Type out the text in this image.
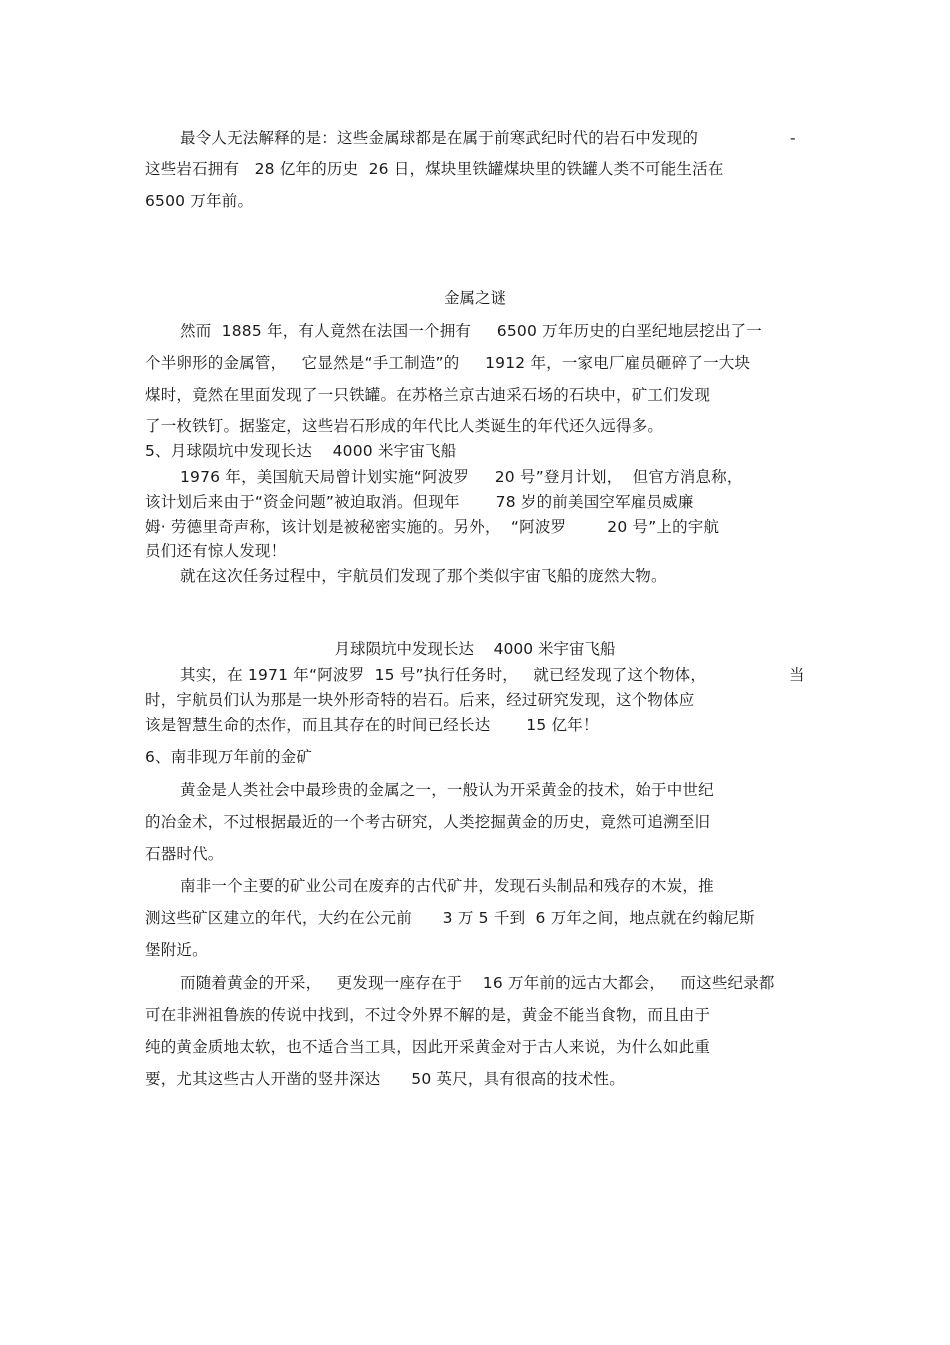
最令人无法解释的是：这些金属球都是在属于前寒武纪时代的岩石中发现的	-
这些岩石拥有   28 亿年的历史  26 日，煤块里铁罐煤块里的铁罐人类不可能生活在
6500 万年前。
金属之谜
然而  1885 年，有人竟然在法国一个拥有     6500 万年历史的白垩纪地层挖出了一
个半卵形的金属管，   它显然是“手工制造”的     1912 年，一家电厂雇员砸碎了一大块
煤时，竟然在里面发现了一只铁罐。在苏格兰京古迪采石场的石块中，矿工们发现
了一枚铁钉。据鉴定，这些岩石形成的年代比人类诞生的年代还久远得多。
5、月球陨坑中发现长达    4000 米宇宙飞船
1976 年，美国航天局曾计划实施“阿波罗     20 号”登月计划，  但官方消息称，
该计划后来由于“资金问题”被迫取消。但现年       78 岁的前美国空军雇员威廉
姆· 劳德里奇声称，该计划是被秘密实施的。另外，  “阿波罗        20 号”上的宇航
员们还有惊人发现！
就在这次任务过程中，宇航员们发现了那个类似宇宙飞船的庞然大物。
月球陨坑中发现长达    4000 米宇宙飞船
其实，在 1971 年“阿波罗  15 号”执行任务时，   就已经发现了这个物体，	当
时，宇航员们认为那是一块外形奇特的岩石。后来，经过研究发现，这个物体应
该是智慧生命的杰作，而且其存在的时间已经长达       15 亿年！
6、南非现万年前的金矿
黄金是人类社会中最珍贵的金属之一，一般认为开采黄金的技术，始于中世纪
的冶金术，不过根据最近的一个考古研究，人类挖掘黄金的历史，竟然可追溯至旧
石器时代。
南非一个主要的矿业公司在废弃的古代矿井，发现石头制品和残存的木炭，推
测这些矿区建立的年代，大约在公元前      3 万 5 千到  6 万年之间，地点就在约翰尼斯
堡附近。
而随着黄金的开采，   更发现一座存在于    16 万年前的远古大都会，   而这些纪录都
可在非洲祖鲁族的传说中找到，不过令外界不解的是，黄金不能当食物，而且由于
纯的黄金质地太软，也不适合当工具，因此开采黄金对于古人来说，为什么如此重
要，尤其这些古人开凿的竖井深达      50 英尺，具有很高的技术性。
